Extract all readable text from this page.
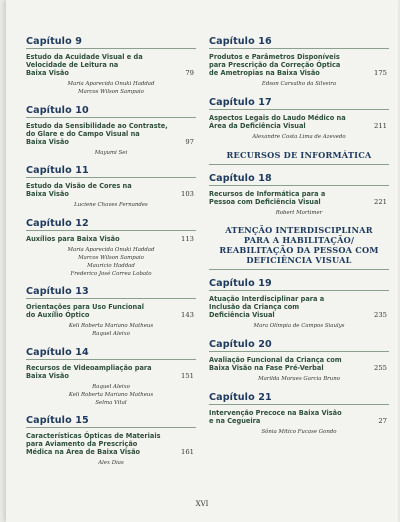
Capítulo 9
Estudo da Acuidade Visual e da
Velocidade de Leitura na
Baixa Visão	79
Maria Aparecida Onuki Haddad
Marcos Wilson Sampaio
Capítulo 10
Estudo da Sensibilidade ao Contraste,
do Glare e do Campo Visual na
Baixa Visão	97
Mayumi Sei
Capítulo 11
Estudo da Visão de Cores na
Baixa Visão	103
Luciene Chaves Fernandes
Capítulo 12
Auxílios para Baixa Visão	113
Maria Aparecida Onuki Haddad
Marcos Wilson Sampaio
Mauricio Haddad
Frederico José Correa Lobato
Capítulo 13
Orientações para Uso Funcional
do Auxílio Óptico	143
Keli Roberta Mariano Matheus
Raquel Aleixo
Capítulo 14
Recursos de Videoampliação para
Baixa Visão	151
Raquel Aleixo
Keli Roberta Mariano Matheus
Selma Vital
Capítulo 15
Características Ópticas de Materiais
para Aviamento da Prescrição
Médica na Área de Baixa Visão	161
Alex Dias
Capítulo 16
Produtos e Parâmetros Disponíveis
para Prescrição da Correção Óptica
de Ametropias na Baixa Visão	175
Edson Carvalho da Silveira
Capítulo 17
Aspectos Legais do Laudo Médico na
Área da Deficiência Visual	211
Alexandre Costa Lima de Azevedo
RECURSOS DE INFORMÁTICA
Capítulo 18
Recursos de Informática para a
Pessoa com Deficiência Visual	221
Robert Mortimer
ATENÇÃO INTERDISCIPLINAR
PARA A HABILITAÇÃO/
REABILITAÇÃO DA PESSOA COM
DEFICIÊNCIA VISUAL
Capítulo 19
Atuação Interdisciplinar para a
Inclusão da Criança com
Deficiência Visual	235
Mara Olímpia de Campos Siaulys
Capítulo 20
Avaliação Funcional da Criança com
Baixa Visão na Fase Pré-Verbal	255
Marilda Moraes Garcia Bruno
Capítulo 21
Intervenção Precoce na Baixa Visão
e na Cegueira	27
Sônia Mitico Fucase Gondo
XVI
